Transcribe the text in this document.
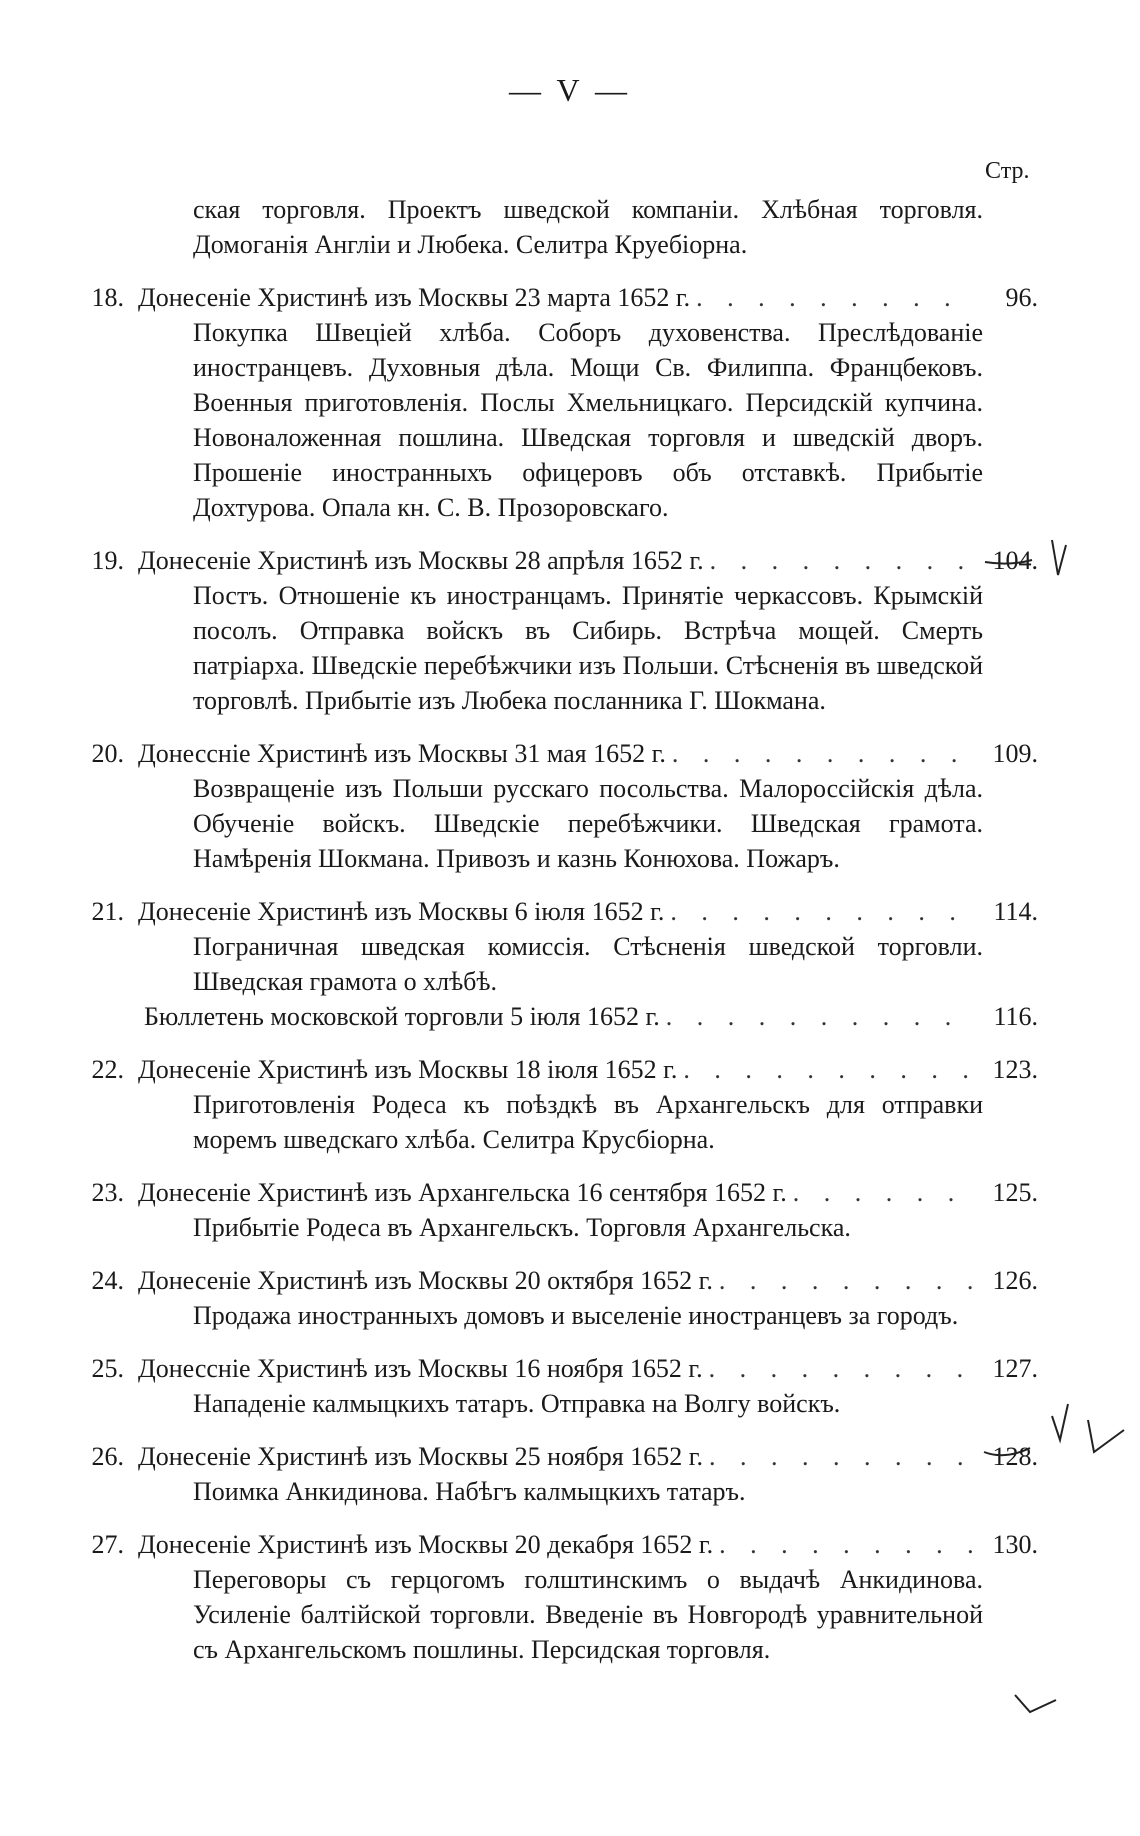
— V —
Стр.
ская торговля. Проектъ шведской компаніи. Хлѣбная торговля. Домоганія Англіи и Любека. Селитра Круебіорна.
18. Донесеніе Христинѣ изъ Москвы 23 марта 1652 г. . . .	96.
Покупка Швеціей хлѣба. Соборъ духовенства. Преслѣдованіе иностранцевъ. Духовныя дѣла. Мощи Св. Филиппа. Францбековъ. Военныя приготовленія. Послы Хмельницкаго. Персидскій купчина. Новоналоженная пошлина. Шведская торговля и шведскій дворъ. Прошеніе иностранныхъ офицеровъ объ отставкѣ. Прибытіе Дохтурова. Опала кн. С. В. Прозоровскаго.
19. Донесеніе Христинѣ изъ Москвы 28 апрѣля 1652 г. . . .	104.
Постъ. Отношеніе къ иностранцамъ. Принятіе черкассовъ. Крымскій посолъ. Отправка войскъ въ Сибирь. Встрѣча мощей. Смерть патріарха. Шведскіе перебѣжчики изъ Польши. Стѣсненія въ шведской торговлѣ. Прибытіе изъ Любека посланника Г. Шокмана.
20. Донессніе Христинѣ изъ Москвы 31 мая 1652 г. . . .	109.
Возвращеніе изъ Польши русскаго посольства. Малороссійскія дѣла. Обученіе войскъ. Шведскіе перебѣжчики. Шведская грамота. Намѣренія Шокмана. Привозъ и казнь Конюхова. Пожаръ.
21. Донесеніе Христинѣ изъ Москвы 6 іюля 1652 г. . . .	114.
Пограничная шведская комиссія. Стѣсненія шведской торговли. Шведская грамота о хлѣбѣ.
Бюллетень московской торговли 5 іюля 1652 г. . . .	116.
22. Донесеніе Христинѣ изъ Москвы 18 іюля 1652 г. . . .	123.
Приготовленія Родеса къ поѣздкѣ въ Архангельскъ для отправки моремъ шведскаго хлѣба. Селитра Крусбіорна.
23. Донесеніе Христинѣ изъ Архангельска 16 сентября 1652 г. . . .	125.
Прибытіе Родеса въ Архангельскъ. Торговля Архангельска.
24. Донесеніе Христинѣ изъ Москвы 20 октября 1652 г. . . .	126.
Продажа иностранныхъ домовъ и выселеніе иностранцевъ за городъ.
25. Донессніе Христинѣ изъ Москвы 16 ноября 1652 г. . . .	127.
Нападеніе калмыцкихъ татаръ. Отправка на Волгу войскъ.
26. Донесеніе Христинѣ изъ Москвы 25 ноября 1652 г. . . .	128.
Поимка Анкидинова. Набѣгъ калмыцкихъ татаръ.
27. Донесеніе Христинѣ изъ Москвы 20 декабря 1652 г. . . .	130.
Переговоры съ герцогомъ голштинскимъ о выдачѣ Анкидинова. Усиленіе балтійской торговли. Введеніе въ Новгородѣ уравнительной съ Архангельскомъ пошлины. Персидская торговля.
